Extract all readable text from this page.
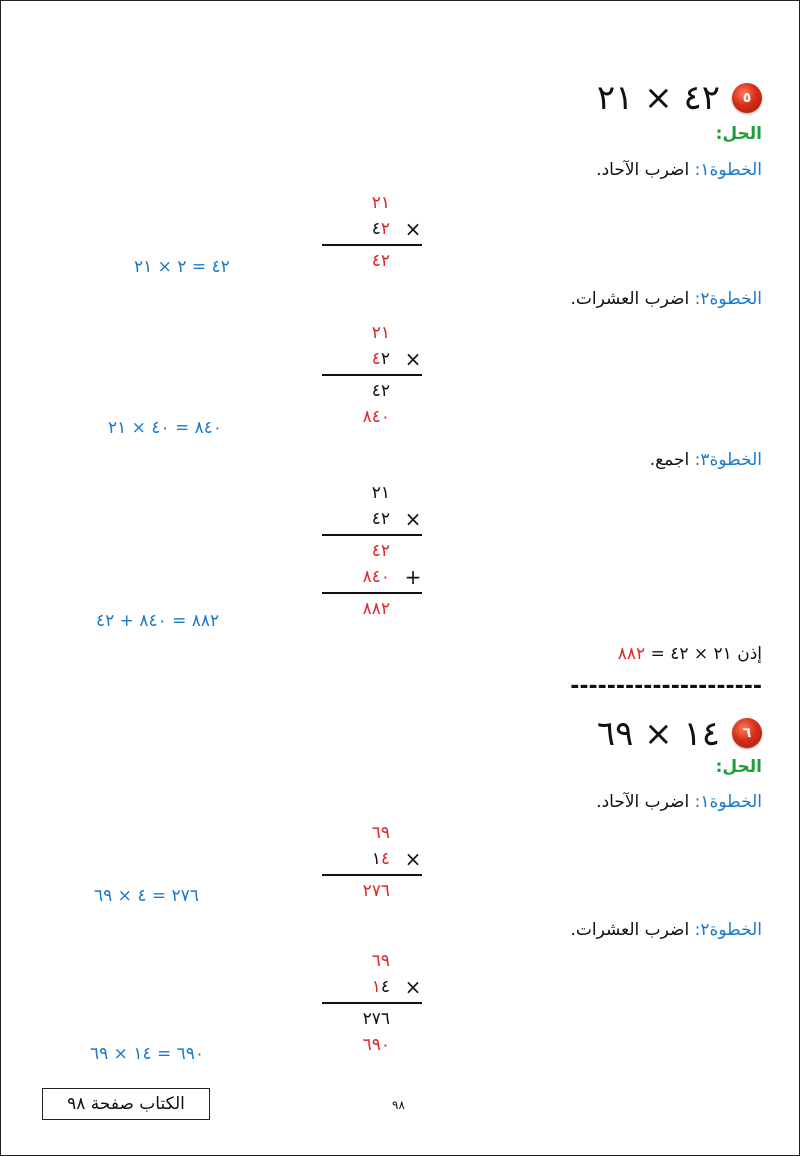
٥
٤٢ × ٢١
الحل:
الخطوة١: اضرب الآحاد.
٢١
٤٢ ×
٤٢
٤٢ = ٢ × ٢١
الخطوة٢: اضرب العشرات.
٢١
٤٢ ×
٤٢
٨٤٠
٨٤٠ = ٤٠ × ٢١
الخطوة٣: اجمع.
٢١
٤٢ ×
٤٢
٨٤٠ +
٨٨٢
٨٨٢ = ٨٤٠ + ٤٢
إذن ٢١ × ٤٢ = ٨٨٢
---------------------
٦
١٤ × ٦٩
الحل:
الخطوة١: اضرب الآحاد.
٦٩
١٤ ×
٢٧٦
٢٧٦ = ٤ × ٦٩
الخطوة٢: اضرب العشرات.
٦٩
١٤ ×
٢٧٦
٦٩٠
٦٩٠ = ١٤ × ٦٩
الكتاب صفحة ٩٨	٩٨
